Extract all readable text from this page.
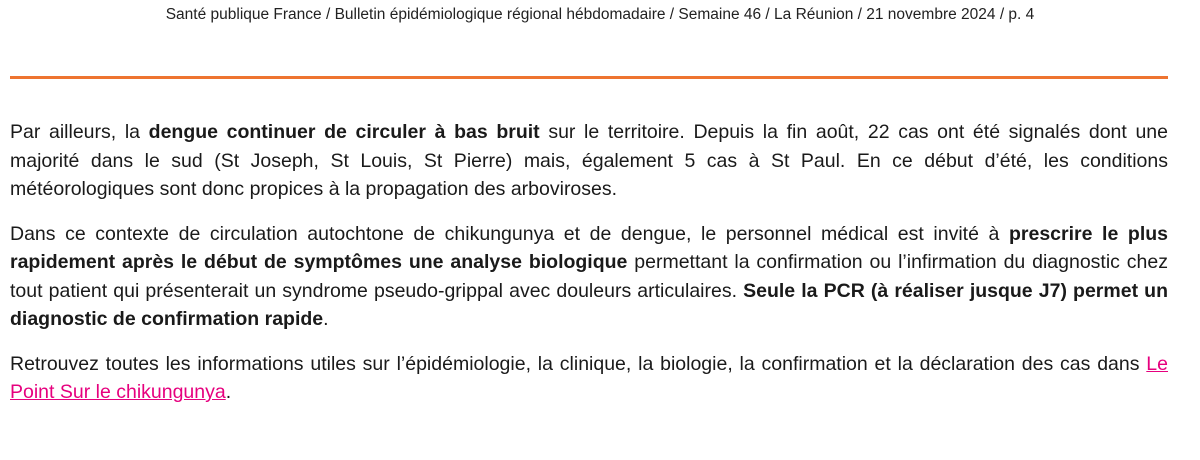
Santé publique France / Bulletin épidémiologique régional hébdomadaire / Semaine 46 / La Réunion / 21 novembre 2024 / p. 4

Par ailleurs, la dengue continuer de circuler à bas bruit sur le territoire. Depuis la fin août, 22 cas ont été signalés dont une majorité dans le sud (St Joseph, St Louis, St Pierre) mais, également 5 cas à St Paul. En ce début d’été, les conditions météorologiques sont donc propices à la propagation des arboviroses.

Dans ce contexte de circulation autochtone de chikungunya et de dengue, le personnel médical est invité à prescrire le plus rapidement après le début de symptômes une analyse biologique permettant la confirmation ou l’infirmation du diagnostic chez tout patient qui présenterait un syndrome pseudo-grippal avec douleurs articulaires. Seule la PCR (à réaliser jusque J7) permet un diagnostic de confirmation rapide.

Retrouvez toutes les informations utiles sur l’épidémiologie, la clinique, la biologie, la confirmation et la déclaration des cas dans Le Point Sur le chikungunya.
